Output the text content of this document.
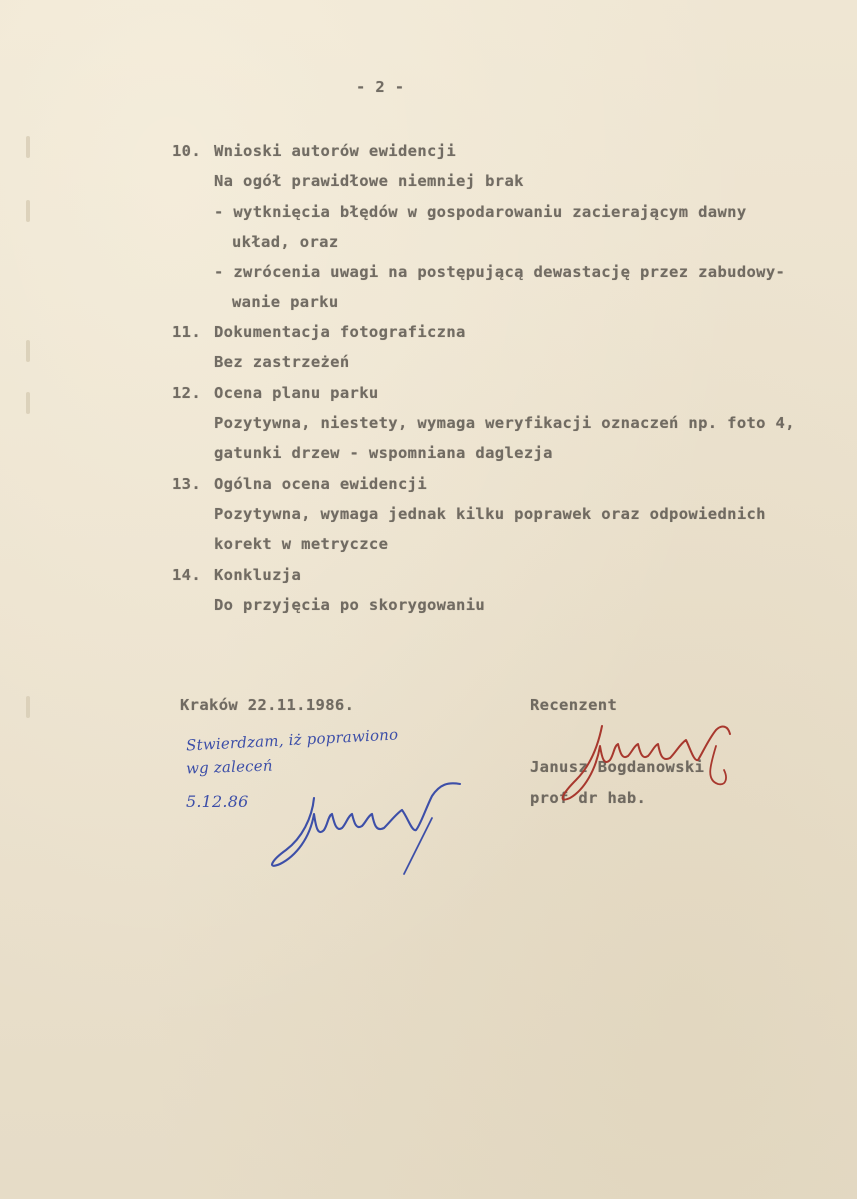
- 2 -
10. Wnioski autorów ewidencji
Na ogół prawidłowe niemniej brak
- wytknięcia błędów w gospodarowaniu zacierającym dawny
układ, oraz
- zwrócenia uwagi na postępującą dewastację przez zabudowy-
wanie parku
11. Dokumentacja fotograficzna
Bez zastrzeżeń
12. Ocena planu parku
Pozytywna, niestety, wymaga weryfikacji oznaczeń np. foto 4,
gatunki drzew - wspomniana daglezja
13. Ogólna ocena ewidencji
Pozytywna, wymaga jednak kilku poprawek oraz odpowiednich
korekt w metryczce
14. Konkluzja
Do przyjęcia po skorygowaniu
Kraków 22.11.1986.	Recenzent
Janusz Bogdanowski
prof dr hab.
Stwierdzam, iż poprawiono
wg zaleceń
5.12.86
